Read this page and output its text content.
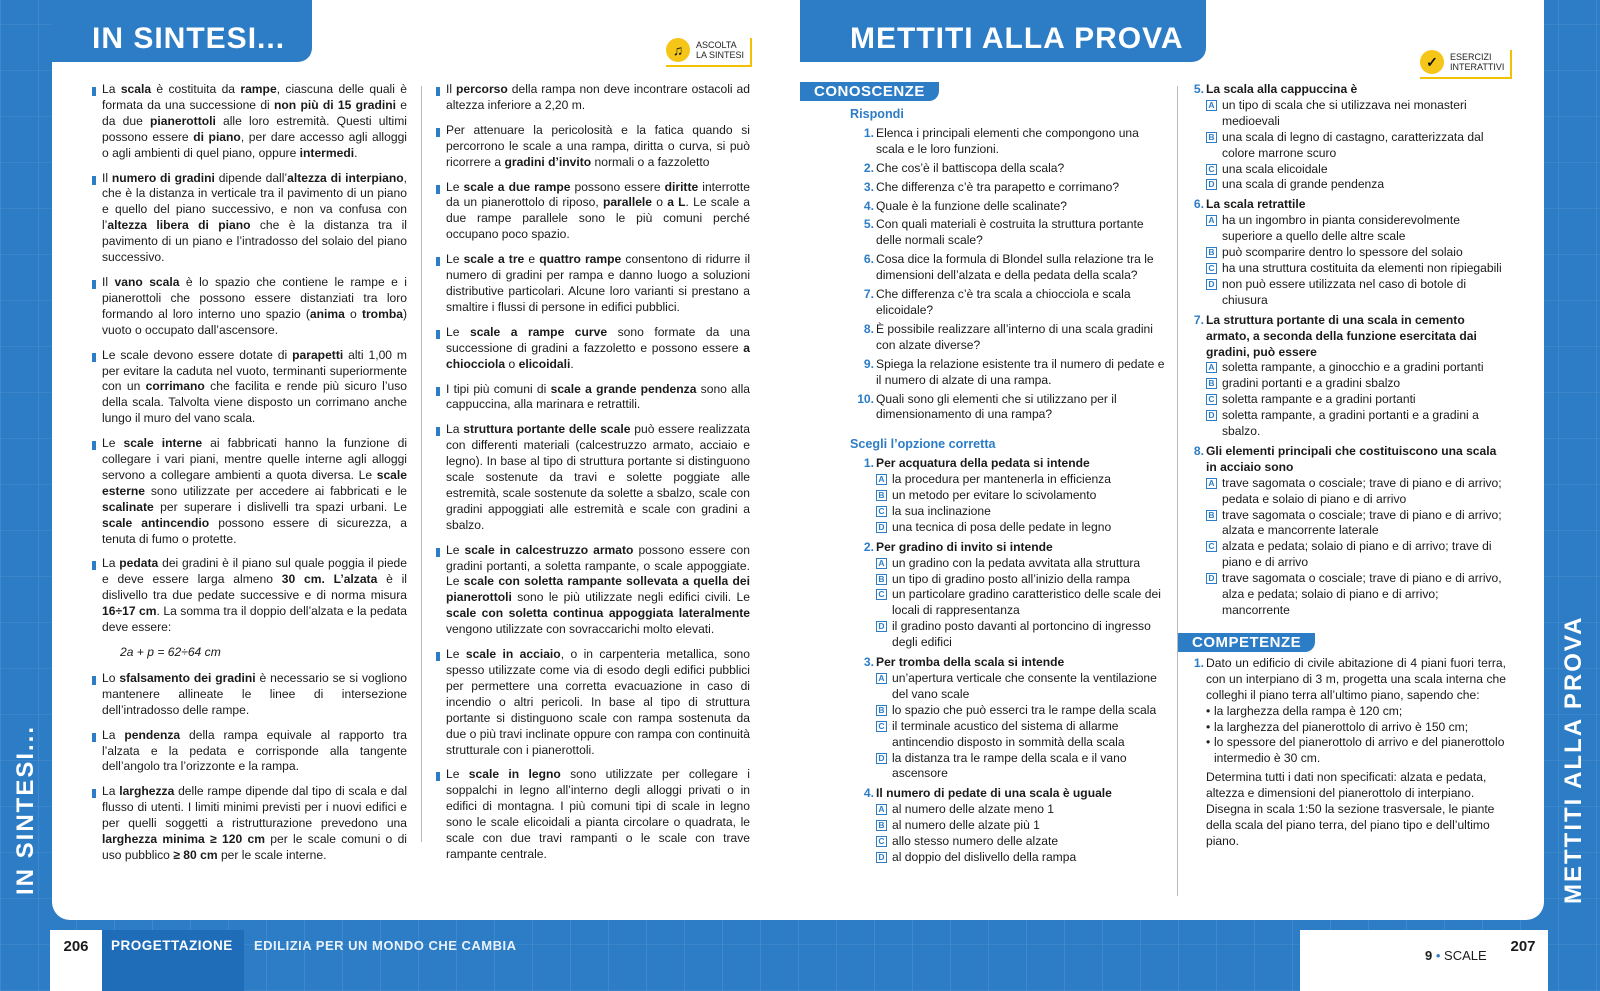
IN SINTESI...	METTITI ALLA PROVA
IN SINTESI...	METTITI ALLA PROVA
♫	ASCOLTA
LA SINTESI	✓	ESERCIZI
INTERATTIVI
La scala è costituita da rampe, ciascuna delle quali è formata da una successione di non più di 15 gradini e da due pianerottoli alle loro estremità. Questi ultimi possono essere di piano, per dare accesso agli alloggi o agli ambienti di quel piano, oppure intermedi.
Il numero di gradini dipende dall’altezza di interpiano, che è la distanza in verticale tra il pavimento di un piano e quello del piano successivo, e non va confusa con l’altezza libera di piano che è la distanza tra il pavimento di un piano e l’intradosso del solaio del piano successivo.
Il vano scala è lo spazio che contiene le rampe e i pianerottoli che possono essere distanziati tra loro formando al loro interno uno spazio (anima o tromba) vuoto o occupato dall’ascensore.
Le scale devono essere dotate di parapetti alti 1,00 m per evitare la caduta nel vuoto, terminanti superiormente con un corrimano che facilita e rende più sicuro l’uso della scala. Talvolta viene disposto un corrimano anche lungo il muro del vano scala.
Le scale interne ai fabbricati hanno la funzione di collegare i vari piani, mentre quelle interne agli alloggi servono a collegare ambienti a quota diversa. Le scale esterne sono utilizzate per accedere ai fabbricati e le scalinate per superare i dislivelli tra spazi urbani. Le scale antincendio possono essere di sicurezza, a tenuta di fumo o protette.
La pedata dei gradini è il piano sul quale poggia il piede e deve essere larga almeno 30 cm. L’alzata è il dislivello tra due pedate successive e di norma misura 16÷17 cm. La somma tra il doppio dell’alzata e la pedata deve essere:
2a + p = 62÷64 cm
Lo sfalsamento dei gradini è necessario se si vogliono mantenere allineate le linee di intersezione dell’intradosso delle rampe.
La pendenza della rampa equivale al rapporto tra l’alzata e la pedata e corrisponde alla tangente dell’angolo tra l’orizzonte e la rampa.
La larghezza delle rampe dipende dal tipo di scala e dal flusso di utenti. I limiti minimi previsti per i nuovi edifici e per quelli soggetti a ristrutturazione prevedono una larghezza minima ≥ 120 cm per le scale comuni o di uso pubblico ≥ 80 cm per le scale interne.
Il percorso della rampa non deve incontrare ostacoli ad altezza inferiore a 2,20 m.
Per attenuare la pericolosità e la fatica quando si percorrono le scale a una rampa, diritta o curva, si può ricorrere a gradini d’invito normali o a fazzoletto
Le scale a due rampe possono essere diritte interrotte da un pianerottolo di riposo, parallele o a L. Le scale a due rampe parallele sono le più comuni perché occupano poco spazio.
Le scale a tre e quattro rampe consentono di ridurre il numero di gradini per rampa e danno luogo a soluzioni distributive particolari. Alcune loro varianti si prestano a smaltire i flussi di persone in edifici pubblici.
Le scale a rampe curve sono formate da una successione di gradini a fazzoletto e possono essere a chiocciola o elicoidali.
I tipi più comuni di scale a grande pendenza sono alla cappuccina, alla marinara e retrattili.
La struttura portante delle scale può essere realizzata con differenti materiali (calcestruzzo armato, acciaio e legno). In base al tipo di struttura portante si distinguono scale sostenute da travi e solette poggiate alle estremità, scale sostenute da solette a sbalzo, scale con gradini appoggiati alle estremità e scale con gradini a sbalzo.
Le scale in calcestruzzo armato possono essere con gradini portanti, a soletta rampante, o scale appoggiate. Le scale con soletta rampante sollevata a quella dei pianerottoli sono le più utilizzate negli edifici civili. Le scale con soletta continua appoggiata lateralmente vengono utilizzate con sovraccarichi molto elevati.
Le scale in acciaio, o in carpenteria metallica, sono spesso utilizzate come via di esodo degli edifici pubblici per permettere una corretta evacuazione in caso di incendio o altri pericoli. In base al tipo di struttura portante si distinguono scale con rampa sostenuta da due o più travi inclinate oppure con rampa con continuità strutturale con i pianerottoli.
Le scale in legno sono utilizzate per collegare i soppalchi in legno all’interno degli alloggi privati o in edifici di montagna. I più comuni tipi di scale in legno sono le scale elicoidali a pianta circolare o quadrata, le scale con due travi rampanti o le scale con trave rampante centrale.
CONOSCENZE
Rispondi
1. Elenca i principali elementi che compongono una scala e le loro funzioni.
2. Che cos’è il battiscopa della scala?
3. Che differenza c’è tra parapetto e corrimano?
4. Quale è la funzione delle scalinate?
5. Con quali materiali è costruita la struttura portante delle normali scale?
6. Cosa dice la formula di Blondel sulla relazione tra le dimensioni dell’alzata e della pedata della scala?
7. Che differenza c’è tra scala a chiocciola e scala elicoidale?
8. È possibile realizzare all’interno di una scala gradini con alzate diverse?
9. Spiega la relazione esistente tra il numero di pedate e il numero di alzate di una rampa.
10. Quali sono gli elementi che si utilizzano per il dimensionamento di una rampa?
Scegli l’opzione corretta
1. Per acquatura della pedata si intende
A la procedura per mantenerla in efficienza
B un metodo per evitare lo scivolamento
C la sua inclinazione
D una tecnica di posa delle pedate in legno
2. Per gradino di invito si intende
A un gradino con la pedata avvitata alla struttura
B un tipo di gradino posto all’inizio della rampa
C un particolare gradino caratteristico delle scale dei locali di rappresentanza
D il gradino posto davanti al portoncino di ingresso degli edifici
3. Per tromba della scala si intende
A un’apertura verticale che consente la ventilazione del vano scale
B lo spazio che può esserci tra le rampe della scala
C il terminale acustico del sistema di allarme antincendio disposto in sommità della scala
D la distanza tra le rampe della scala e il vano ascensore
4. Il numero di pedate di una scala è uguale
A al numero delle alzate meno 1
B al numero delle alzate più 1
C allo stesso numero delle alzate
D al doppio del dislivello della rampa
5. La scala alla cappuccina è
A un tipo di scala che si utilizzava nei monasteri medioevali
B una scala di legno di castagno, caratterizzata dal colore marrone scuro
C una scala elicoidale
D una scala di grande pendenza
6. La scala retrattile
A ha un ingombro in pianta considerevolmente superiore a quello delle altre scale
B può scomparire dentro lo spessore del solaio
C ha una struttura costituita da elementi non ripiegabili
D non può essere utilizzata nel caso di botole di chiusura
7. La struttura portante di una scala in cemento armato, a seconda della funzione esercitata dai gradini, può essere
A soletta rampante, a ginocchio e a gradini portanti
B gradini portanti e a gradini sbalzo
C soletta rampante e a gradini portanti
D soletta rampante, a gradini portanti e a gradini a sbalzo.
8. Gli elementi principali che costituiscono una scala in acciaio sono
A trave sagomata o cosciale; trave di piano e di arrivo; pedata e solaio di piano e di arrivo
B trave sagomata o cosciale; trave di piano e di arrivo; alzata e mancorrente laterale
C alzata e pedata; solaio di piano e di arrivo; trave di piano e di arrivo
D trave sagomata o cosciale; trave di piano e di arrivo, alza e pedata; solaio di piano e di arrivo; mancorrente
COMPETENZE
1. Dato un edificio di civile abitazione di 4 piani fuori terra, con un interpiano di 3 m, progetta una scala interna che colleghi il piano terra all’ultimo piano, sapendo che:
• la larghezza della rampa è 120 cm;
• la larghezza del pianerottolo di arrivo è 150 cm;
• lo spessore del pianerottolo di arrivo e del pianerottolo intermedio è 30 cm.
Determina tutti i dati non specificati: alzata e pedata, altezza e dimensioni del pianerottolo di interpiano. Disegna in scala 1:50 la sezione trasversale, le piante della scala del piano terra, del piano tipo e dell’ultimo piano.
206	PROGETTAZIONE	EDILIZIA PER UN MONDO CHE CAMBIA
9 • SCALE
207
